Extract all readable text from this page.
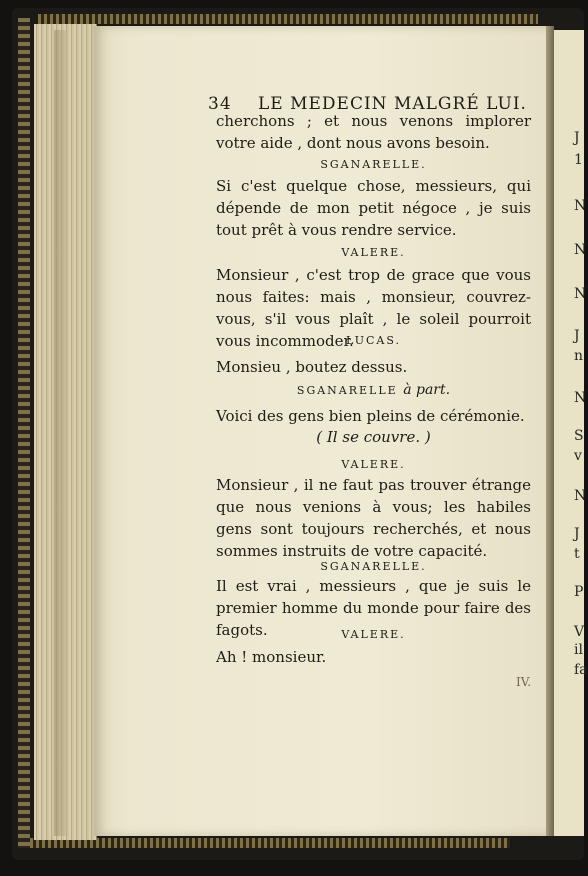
J
1
N
N
N
J
n
N
S
v
N
J
t
P
V
il
fa
34 LE MEDECIN MALGRÉ LUI.
cherchons ; et nous venons implorer votre aide , dont nous avons besoin.
SGANARELLE.
Si c'est quelque chose, messieurs, qui dépende de mon petit négoce , je suis tout prêt à vous rendre service.
VALERE.
Monsieur , c'est trop de grace que vous nous faites: mais , monsieur, couvrez-vous, s'il vous plaît , le soleil pourroit vous incommoder.
LUCAS.
Monsieu , boutez dessus.
SGANARELLE à part.
Voici des gens bien pleins de cérémonie.
( Il se couvre. )
VALERE.
Monsieur , il ne faut pas trouver étrange que nous venions à vous; les habiles gens sont toujours recherchés, et nous sommes instruits de votre capacité.
SGANARELLE.
Il est vrai , messieurs , que je suis le premier homme du monde pour faire des fagots.	VALERE.
Ah ! monsieur.
IV.
